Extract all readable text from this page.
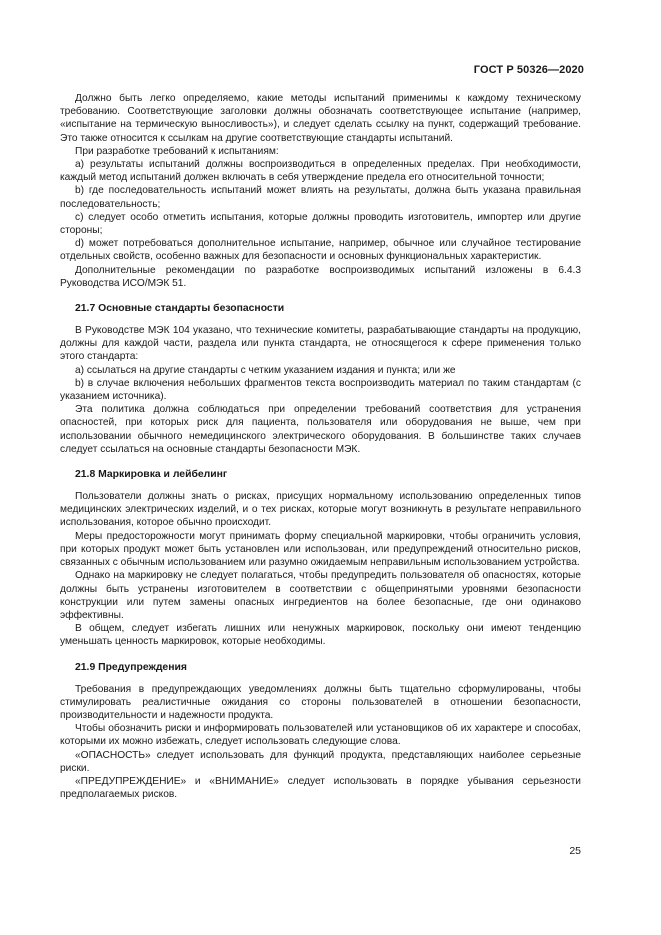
ГОСТ Р 50326—2020

Должно быть легко определяемо, какие методы испытаний применимы к каждому техническому требованию. Соответствующие заголовки должны обозначать соответствующее испытание (например, «испытание на термическую выносливость»), и следует сделать ссылку на пункт, содержащий требование. Это также относится к ссылкам на другие соответствующие стандарты испытаний.

При разработке требований к испытаниям:

a) результаты испытаний должны воспроизводиться в определенных пределах. При необходимости, каждый метод испытаний должен включать в себя утверждение предела его относительной точности;

b) где последовательность испытаний может влиять на результаты, должна быть указана правильная последовательность;

c) следует особо отметить испытания, которые должны проводить изготовитель, импортер или другие стороны;

d) может потребоваться дополнительное испытание, например, обычное или случайное тестирование отдельных свойств, особенно важных для безопасности и основных функциональных характеристик.

Дополнительные рекомендации по разработке воспроизводимых испытаний изложены в 6.4.3 Руководства ИСО/МЭК 51.

21.7 Основные стандарты безопасности

В Руководстве МЭК 104 указано, что технические комитеты, разрабатывающие стандарты на продукцию, должны для каждой части, раздела или пункта стандарта, не относящегося к сфере применения только этого стандарта:

a) ссылаться на другие стандарты с четким указанием издания и пункта; или же

b) в случае включения небольших фрагментов текста воспроизводить материал по таким стандартам (с указанием источника).

Эта политика должна соблюдаться при определении требований соответствия для устранения опасностей, при которых риск для пациента, пользователя или оборудования не выше, чем при использовании обычного немедицинского электрического оборудования. В большинстве таких случаев следует ссылаться на основные стандарты безопасности МЭК.

21.8 Маркировка и лейбелинг

Пользователи должны знать о рисках, присущих нормальному использованию определенных типов медицинских электрических изделий, и о тех рисках, которые могут возникнуть в результате неправильного использования, которое обычно происходит.

Меры предосторожности могут принимать форму специальной маркировки, чтобы ограничить условия, при которых продукт может быть установлен или использован, или предупреждений относительно рисков, связанных с обычным использованием или разумно ожидаемым неправильным использованием устройства.

Однако на маркировку не следует полагаться, чтобы предупредить пользователя об опасностях, которые должны быть устранены изготовителем в соответствии с общепринятыми уровнями безопасности конструкции или путем замены опасных ингредиентов на более безопасные, где они одинаково эффективны.

В общем, следует избегать лишних или ненужных маркировок, поскольку они имеют тенденцию уменьшать ценность маркировок, которые необходимы.

21.9 Предупреждения

Требования в предупреждающих уведомлениях должны быть тщательно сформулированы, чтобы стимулировать реалистичные ожидания со стороны пользователей в отношении безопасности, производительности и надежности продукта.

Чтобы обозначить риски и информировать пользователей или установщиков об их характере и способах, которыми их можно избежать, следует использовать следующие слова.

«ОПАСНОСТЬ» следует использовать для функций продукта, представляющих наиболее серьезные риски.

«ПРЕДУПРЕЖДЕНИЕ» и «ВНИМАНИЕ» следует использовать в порядке убывания серьезности предполагаемых рисков.

25
